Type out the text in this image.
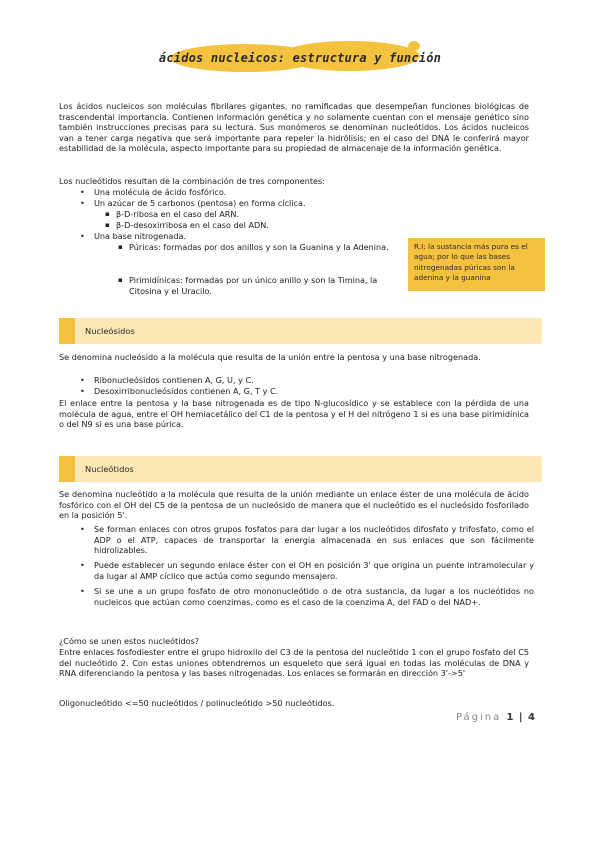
ácidos nucleicos: estructura y función
Los ácidos nucleicos son moléculas fibrilares gigantes, no ramificadas que desempeñan funciones biológicas de trascendental importancia. Contienen información genética y no solamente cuentan con el mensaje genético sino también instrucciones precisas para su lectura. Sus monómeros se denominan nucleótidos. Los ácidos nucleicos van a tener carga negativa que será importante para repeler la hidrólisis; en el caso del DNA le conferirá mayor estabilidad de la molécula, aspecto importante para su propiedad de almacenaje de la información genética.
Los nucleótidos resultan de la combinación de tres componentes:
• Una molécula de ácido fosfórico.
• Un azúcar de 5 carbonos (pentosa) en forma cíclica.
▪ β-D-ribosa en el caso del ARN.
▪ β-D-desoxirribosa en el caso del ADN.
• Una base nitrogenada.
▪ Púricas: formadas por dos anillos y son la Guanina y la Adenina.
▪ Pirimidínicas: formadas por un único anillo y son la Timina, la Citosina y el Uracilo.
R.I: la sustancia más pura es el agua; por lo que las bases nitrogenadas púricas son la adenina y la guanina
Nucleósidos
Se denomina nucleósido a la molécula que resulta de la unión entre la pentosa y una base nitrogenada.
• Ribonucleósidos contienen A, G, U, y C.
• Desoxirribonucleósidos contienen A, G, T y C.
El enlace entre la pentosa y la base nitrogenada es de tipo N-glucosídico y se establece con la pérdida de una molécula de agua, entre el OH hemiacetálico del C1 de la pentosa y el H del nitrógeno 1 si es una base pirimidínica o del N9 si es una base púrica.
Nucleótidos
Se denomina nucleótido a la molécula que resulta de la unión mediante un enlace éster de una molécula de ácido fosfórico con el OH del C5 de la pentosa de un nucleósido de manera que el nucleótido es el nucleósido fosforilado en la posición 5'.
• Se forman enlaces con otros grupos fosfatos para dar lugar a los nucleótidos difosfato y trifosfato, como el ADP o el ATP, capaces de transportar la energía almacenada en sus enlaces que son fácilmente hidrolizables.
• Puede establecer un segundo enlace éster con el OH en posición 3' que origina un puente intramolecular y da lugar al AMP cíclico que actúa como segundo mensajero.
• Si se une a un grupo fosfato de otro mononucleótido o de otra sustancia, da lugar a los nucleótidos no nucleicos que actúan como coenzimas, como es el caso de la coenzima A, del FAD o del NAD+.
¿Cómo se unen estos nucleótidos?
Entre enlaces fosfodiester entre el grupo hidroxilo del C3 de la pentosa del nucleótido 1 con el grupo fosfato del C5 del nucleótido 2. Con estas uniones obtendremos un esqueleto que será igual en todas las moléculas de DNA y RNA diferenciando la pentosa y las bases nitrogenadas. Los enlaces se formarán en dirección 3'->5'
Oligonucleótido <=50 nucleótidos / polinucleótido >50 nucleótidos.
Página 1 | 4
